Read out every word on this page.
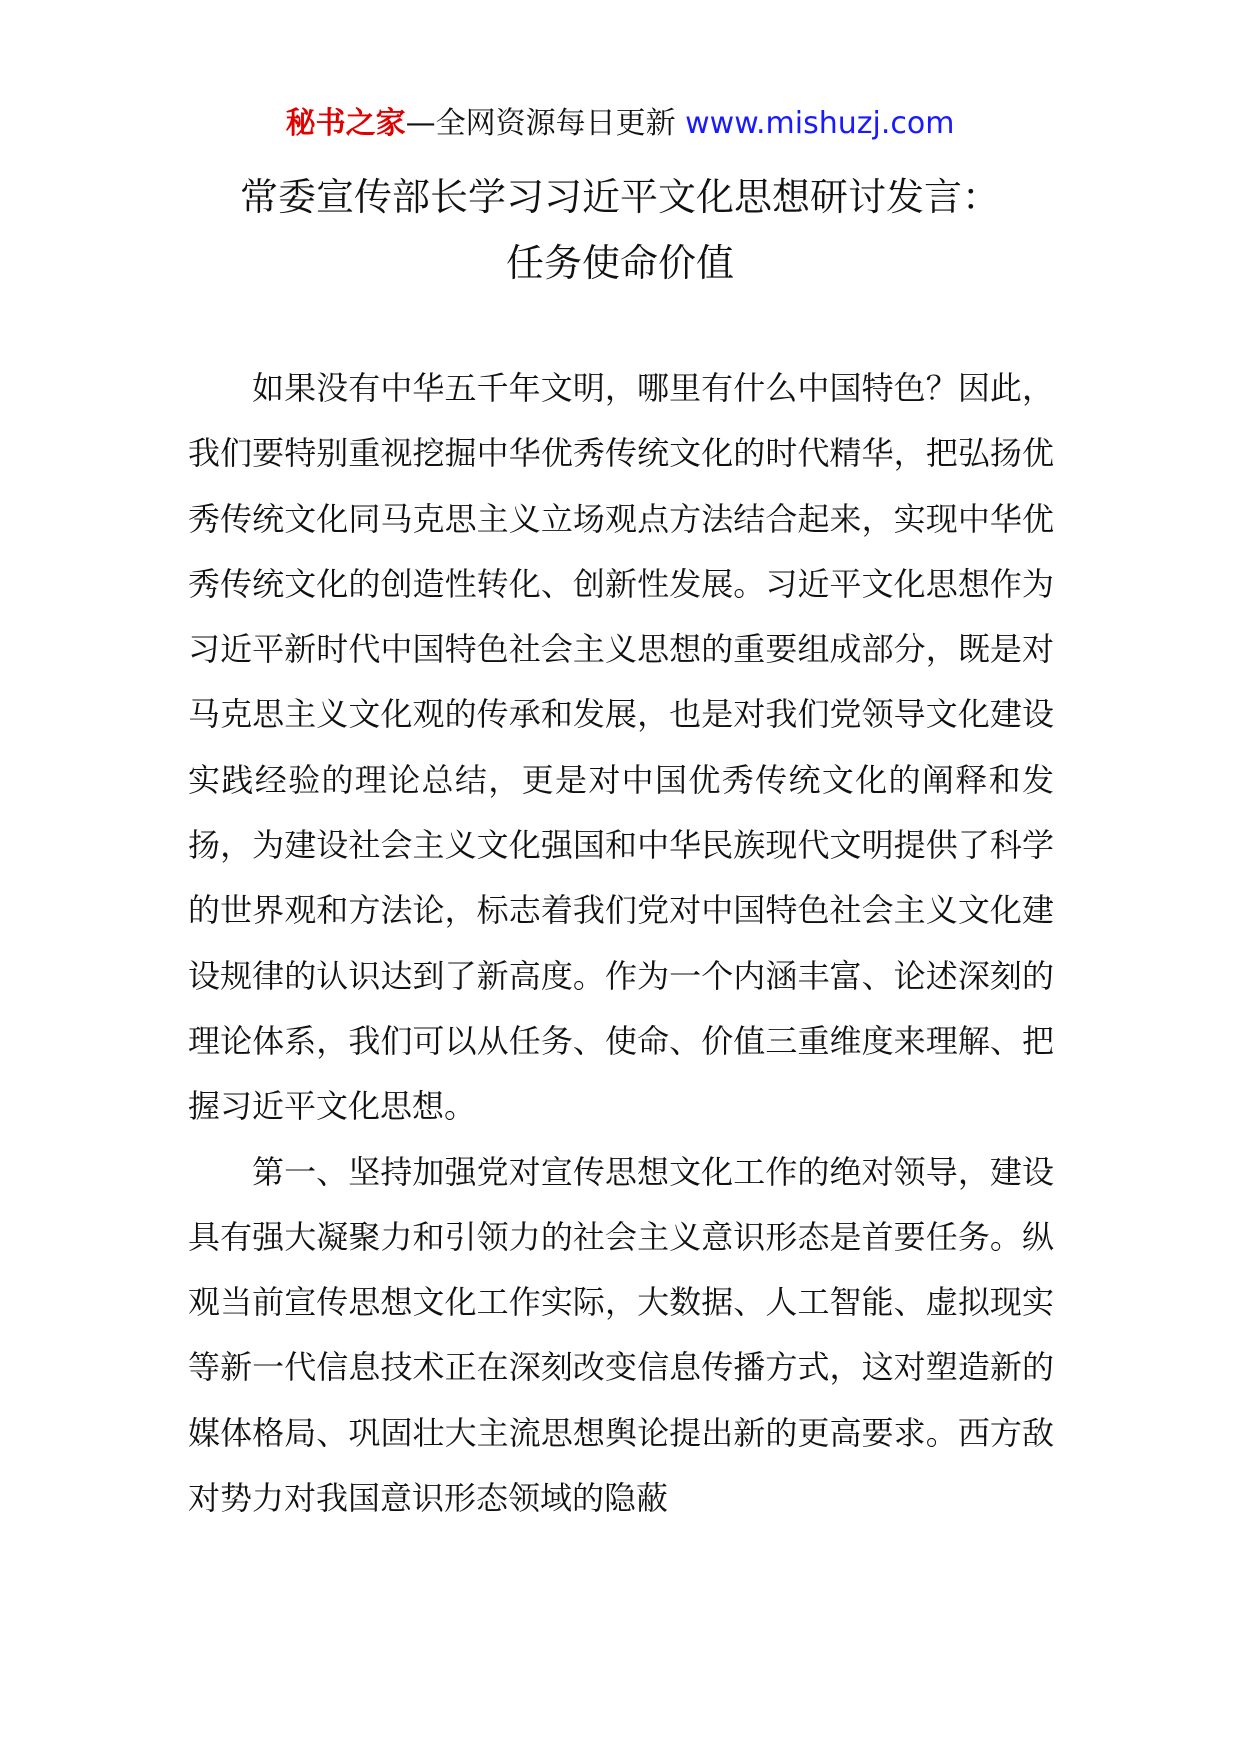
秘书之家—全网资源每日更新 www.mishuzj.com
常委宣传部长学习习近平文化思想研讨发言：
任务使命价值

如果没有中华五千年文明，哪里有什么中国特色？因此，我们要特别重视挖掘中华优秀传统文化的时代精华，把弘扬优秀传统文化同马克思主义立场观点方法结合起来，实现中华优秀传统文化的创造性转化、创新性发展。习近平文化思想作为习近平新时代中国特色社会主义思想的重要组成部分，既是对马克思主义文化观的传承和发展，也是对我们党领导文化建设实践经验的理论总结，更是对中国优秀传统文化的阐释和发扬，为建设社会主义文化强国和中华民族现代文明提供了科学的世界观和方法论，标志着我们党对中国特色社会主义文化建设规律的认识达到了新高度。作为一个内涵丰富、论述深刻的理论体系，我们可以从任务、使命、价值三重维度来理解、把握习近平文化思想。

第一、坚持加强党对宣传思想文化工作的绝对领导，建设具有强大凝聚力和引领力的社会主义意识形态是首要任务。纵观当前宣传思想文化工作实际，大数据、人工智能、虚拟现实等新一代信息技术正在深刻改变信息传播方式，这对塑造新的媒体格局、巩固壮大主流思想舆论提出新的更高要求。西方敌对势力对我国意识形态领域的隐蔽
